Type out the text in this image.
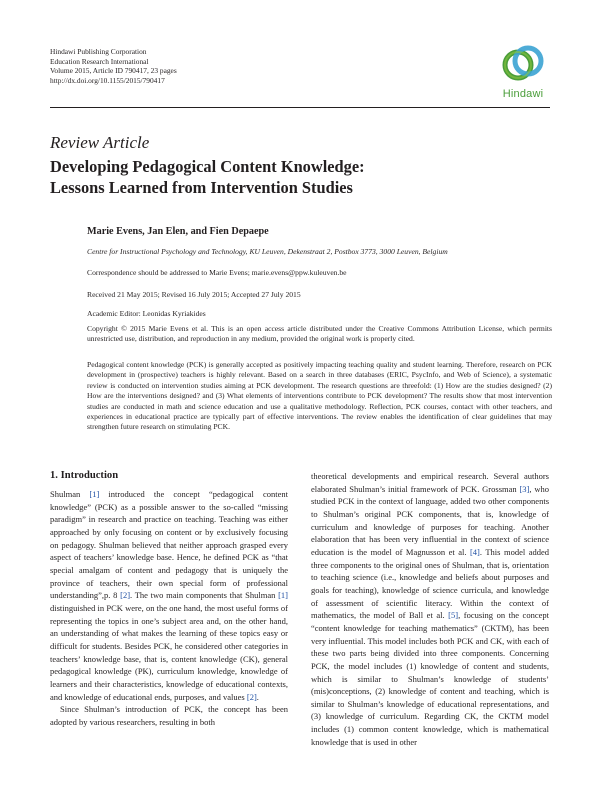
Hindawi Publishing Corporation
Education Research International
Volume 2015, Article ID 790417, 23 pages
http://dx.doi.org/10.1155/2015/790417
Hindawi
Review Article
Developing Pedagogical Content Knowledge:
Lessons Learned from Intervention Studies
Marie Evens, Jan Elen, and Fien Depaepe
Centre for Instructional Psychology and Technology, KU Leuven, Dekenstraat 2, Postbox 3773, 3000 Leuven, Belgium
Correspondence should be addressed to Marie Evens; marie.evens@ppw.kuleuven.be
Received 21 May 2015; Revised 16 July 2015; Accepted 27 July 2015
Academic Editor: Leonidas Kyriakides
Copyright © 2015 Marie Evens et al. This is an open access article distributed under the Creative Commons Attribution License, which permits unrestricted use, distribution, and reproduction in any medium, provided the original work is properly cited.
Pedagogical content knowledge (PCK) is generally accepted as positively impacting teaching quality and student learning. Therefore, research on PCK development in (prospective) teachers is highly relevant. Based on a search in three databases (ERIC, PsycInfo, and Web of Science), a systematic review is conducted on intervention studies aiming at PCK development. The research questions are threefold: (1) How are the studies designed? (2) How are the interventions designed? and (3) What elements of interventions contribute to PCK development? The results show that most intervention studies are conducted in math and science education and use a qualitative methodology. Reflection, PCK courses, contact with other teachers, and experiences in educational practice are typically part of effective interventions. The review enables the identification of clear guidelines that may strengthen future research on stimulating PCK.
1. Introduction

Shulman [1] introduced the concept “pedagogical content knowledge” (PCK) as a possible answer to the so-called “missing paradigm” in research and practice on teaching. Teaching was either approached by only focusing on content or by exclusively focusing on pedagogy. Shulman believed that neither approach grasped every aspect of teachers’ knowledge base. Hence, he defined PCK as “that special amalgam of content and pedagogy that is uniquely the province of teachers, their own special form of professional understanding”,p. 8 [2]. The two main components that Shulman [1] distinguished in PCK were, on the one hand, the most useful forms of representing the topics in one’s subject area and, on the other hand, an understanding of what makes the learning of these topics easy or difficult for students. Besides PCK, he considered other categories in teachers’ knowledge base, that is, content knowledge (CK), general pedagogical knowledge (PK), curriculum knowledge, knowledge of learners and their characteristics, knowledge of educational contexts, and knowledge of educational ends, purposes, and values [2].

Since Shulman’s introduction of PCK, the concept has been adopted by various researchers, resulting in both

theoretical developments and empirical research. Several authors elaborated Shulman’s initial framework of PCK. Grossman [3], who studied PCK in the context of language, added two other components to Shulman’s original PCK components, that is, knowledge of curriculum and knowledge of purposes for teaching. Another elaboration that has been very influential in the context of science education is the model of Magnusson et al. [4]. This model added three components to the original ones of Shulman, that is, orientation to teaching science (i.e., knowledge and beliefs about purposes and goals for teaching), knowledge of science curricula, and knowledge of assessment of scientific literacy. Within the context of mathematics, the model of Ball et al. [5], focusing on the concept “content knowledge for teaching mathematics” (CKTM), has been very influential. This model includes both PCK and CK, with each of these two parts being divided into three components. Concerning PCK, the model includes (1) knowledge of content and students, which is similar to Shulman’s knowledge of students’ (mis)conceptions, (2) knowledge of content and teaching, which is similar to Shulman’s knowledge of educational representations, and (3) knowledge of curriculum. Regarding CK, the CKTM model includes (1) common content knowledge, which is mathematical knowledge that is used in other
